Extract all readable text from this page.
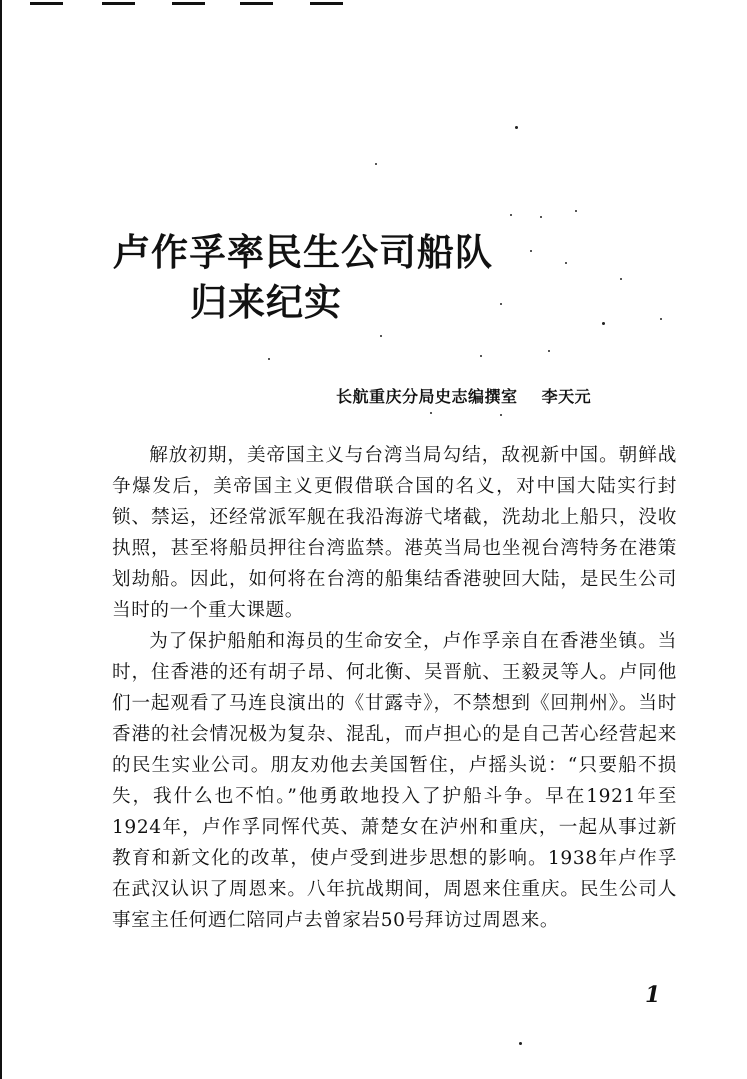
卢作孚率民生公司船队
归来纪实
长航重庆分局史志编撰室 李天元

解放初期，美帝国主义与台湾当局勾结，敌视新中国。朝鲜战争爆发后，美帝国主义更假借联合国的名义，对中国大陆实行封锁、禁运，还经常派军舰在我沿海游弋堵截，洗劫北上船只，没收执照，甚至将船员押往台湾监禁。港英当局也坐视台湾特务在港策划劫船。因此，如何将在台湾的船集结香港驶回大陆，是民生公司当时的一个重大课题。

为了保护船舶和海员的生命安全，卢作孚亲自在香港坐镇。当时，住香港的还有胡子昂、何北衡、吴晋航、王毅灵等人。卢同他们一起观看了马连良演出的《甘露寺》，不禁想到《回荆州》。当时香港的社会情况极为复杂、混乱，而卢担心的是自己苦心经营起来的民生实业公司。朋友劝他去美国暂住，卢摇头说：“只要船不损失，我什么也不怕。”他勇敢地投入了护船斗争。早在1921年至1924年，卢作孚同恽代英、萧楚女在泸州和重庆，一起从事过新教育和新文化的改革，使卢受到进步思想的影响。1938年卢作孚在武汉认识了周恩来。八年抗战期间，周恩来住重庆。民生公司人事室主任何迺仁陪同卢去曾家岩50号拜访过周恩来。

1
